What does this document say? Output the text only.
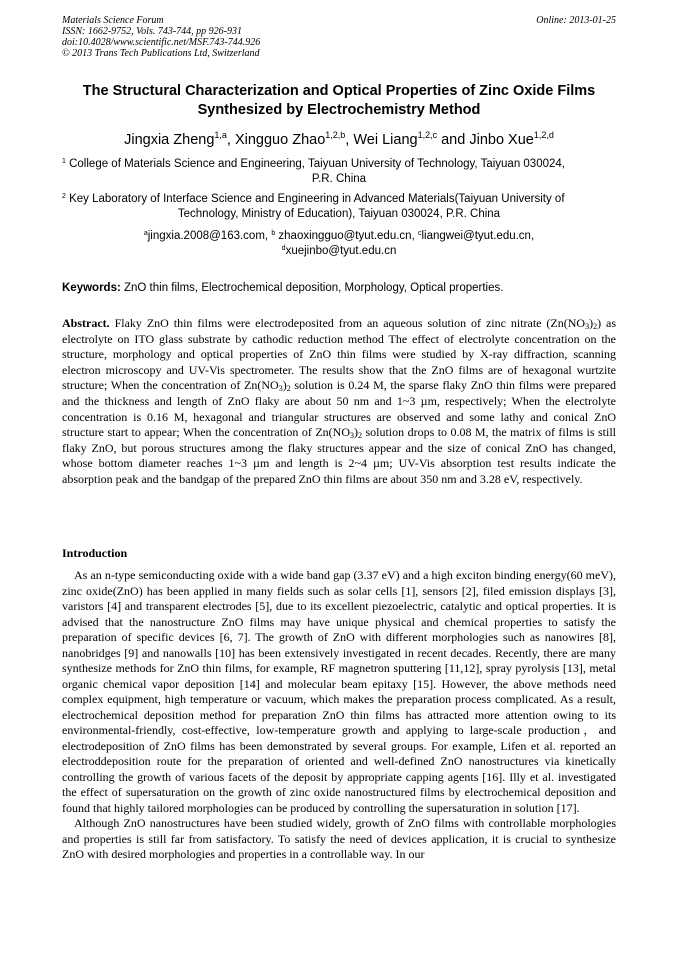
Materials Science Forum
ISSN: 1662-9752, Vols. 743-744, pp 926-931
doi:10.4028/www.scientific.net/MSF.743-744.926
© 2013 Trans Tech Publications Ltd, Switzerland
Online: 2013-01-25
The Structural Characterization and Optical Properties of Zinc Oxide Films Synthesized by Electrochemistry Method
Jingxia Zheng$^{1,a}$, Xingguo Zhao$^{1,2,b}$, Wei Liang$^{1,2,c}$ and Jinbo Xue$^{1,2,d}$
$^1$ College of Materials Science and Engineering, Taiyuan University of Technology, Taiyuan 030024,
P.R. China
$^2$ Key Laboratory of Interface Science and Engineering in Advanced Materials(Taiyuan University of
Technology, Ministry of Education), Taiyuan 030024, P.R. China
$^a$jingxia.2008@163.com, $^b$ zhaoxingguo@tyut.edu.cn, $^c$liangwei@tyut.edu.cn,
$^d$xuejinbo@tyut.edu.cn
Keywords: ZnO thin films, Electrochemical deposition, Morphology, Optical properties.
Abstract. Flaky ZnO thin films were electrodeposited from an aqueous solution of zinc nitrate $(Zn(NO_3)_2)$ as electrolyte on ITO glass substrate by cathodic reduction method The effect of electrolyte concentration on the structure, morphology and optical properties of ZnO thin films were studied by X-ray diffraction, scanning electron microscopy and UV-Vis spectrometer. The results show that the ZnO films are of hexagonal wurtzite structure; When the concentration of $Zn(NO_3)_2$ solution is 0.24 M, the sparse flaky ZnO thin films were prepared and the thickness and length of ZnO flaky are about 50 nm and 1~3 µm, respectively; When the electrolyte concentration is 0.16 M, hexagonal and triangular structures are observed and some lathy and conical ZnO structure start to appear; When the concentration of $Zn(NO_3)_2$ solution drops to 0.08 M, the matrix of films is still flaky ZnO, but porous structures among the flaky structures appear and the size of conical ZnO has changed, whose bottom diameter reaches 1~3 µm and length is 2~4 µm; UV-Vis absorption test results indicate the absorption peak and the bandgap of the prepared ZnO thin films are about 350 nm and 3.28 eV, respectively.
Introduction

As an n-type semiconducting oxide with a wide band gap (3.37 eV) and a high exciton binding energy(60 meV), zinc oxide(ZnO) has been applied in many fields such as solar cells [1], sensors [2], filed emission displays [3], varistors [4] and transparent electrodes [5], due to its excellent piezoelectric, catalytic and optical properties. It is advised that the nanostructure ZnO films may have unique physical and chemical properties to satisfy the preparation of specific devices [6, 7]. The growth of ZnO with different morphologies such as nanowires [8], nanobridges [9] and nanowalls [10] has been extensively investigated in recent decades. Recently, there are many synthesize methods for ZnO thin films, for example, RF magnetron sputtering [11,12], spray pyrolysis [13], metal organic chemical vapor deposition [14] and molecular beam epitaxy [15]. However, the above methods need complex equipment, high temperature or vacuum, which makes the preparation process complicated. As a result, electrochemical deposition method for preparation ZnO thin films has attracted more attention owing to its environmental-friendly, cost-effective, low-temperature growth and applying to large-scale production，and electrodeposition of ZnO films has been demonstrated by several groups. For example, Lifen et al. reported an electroddeposition route for the preparation of oriented and well-defined ZnO nanostructures via kinetically controlling the growth of various facets of the deposit by appropriate capping agents [16]. Illy et al. investigated the effect of supersaturation on the growth of zinc oxide nanostructured films by electrochemical deposition and found that highly tailored morphologies can be produced by controlling the supersaturation in solution [17].

Although ZnO nanostructures have been studied widely, growth of ZnO films with controllable morphologies and properties is still far from satisfactory. To satisfy the need of devices application, it is crucial to synthesize ZnO with desired morphologies and properties in a controllable way. In our
